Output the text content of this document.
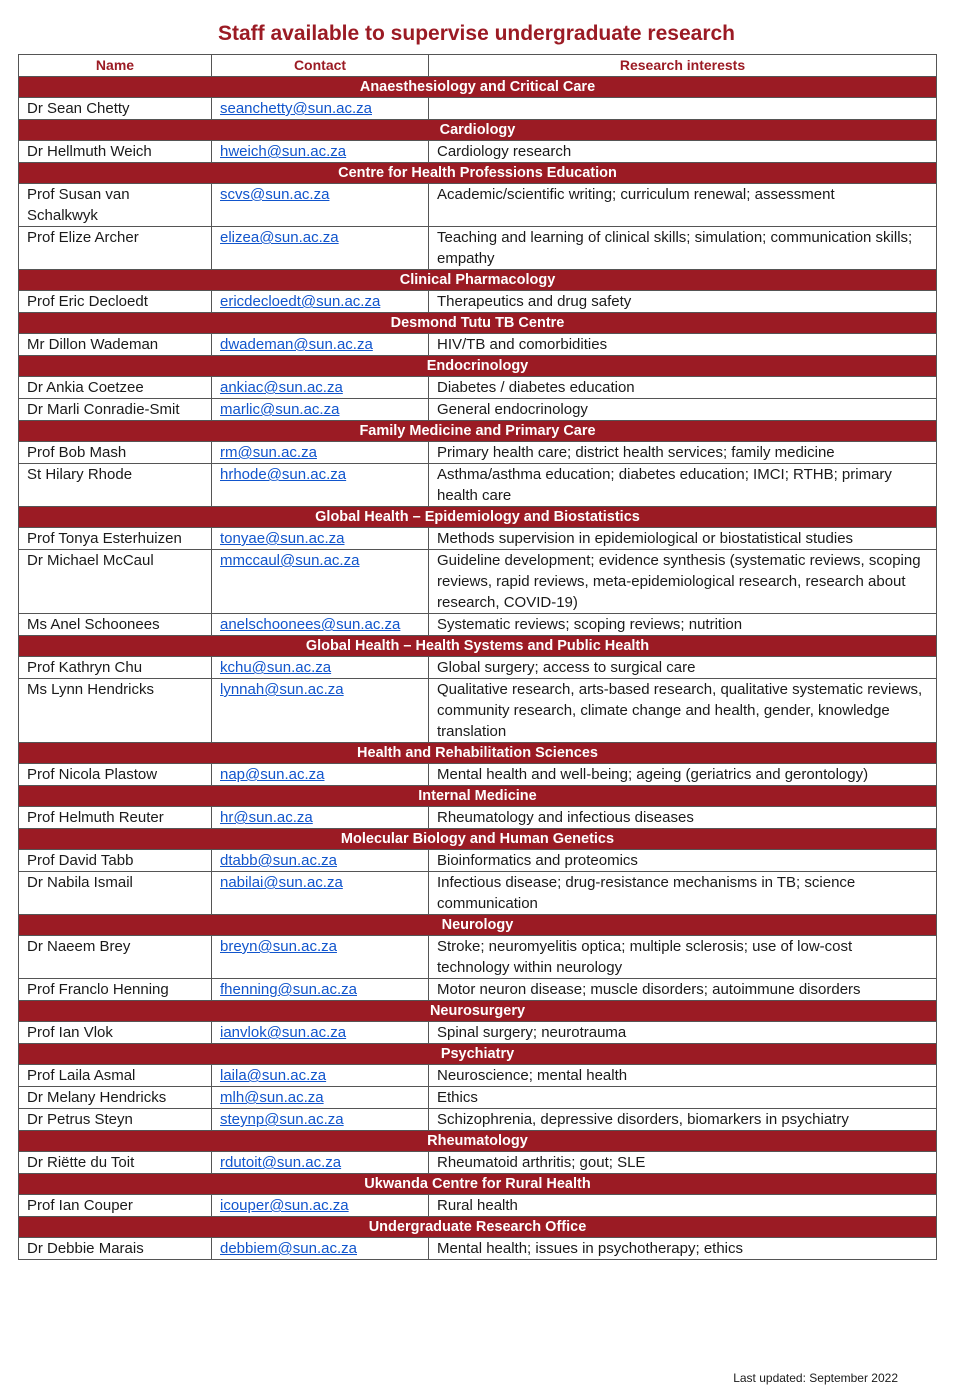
Staff available to supervise undergraduate research
Name	Contact	Research interests
Anaesthesiology and Critical Care		
Dr Sean Chetty	seanchetty@sun.ac.za	
Cardiology		
Dr Hellmuth Weich	hweich@sun.ac.za	Cardiology research
Centre for Health Professions Education		
Prof Susan van Schalkwyk	scvs@sun.ac.za	Academic/scientific writing; curriculum renewal; assessment
Prof Elize Archer	elizea@sun.ac.za	Teaching and learning of clinical skills; simulation; communication skills; empathy
Clinical Pharmacology		
Prof Eric Decloedt	ericdecloedt@sun.ac.za	Therapeutics and drug safety
Desmond Tutu TB Centre		
Mr Dillon Wademan	dwademan@sun.ac.za	HIV/TB and comorbidities
Endocrinology		
Dr Ankia Coetzee	ankiac@sun.ac.za	Diabetes / diabetes education
Dr Marli Conradie-Smit	marlic@sun.ac.za	General endocrinology
Family Medicine and Primary Care		
Prof Bob Mash	rm@sun.ac.za	Primary health care; district health services; family medicine
St Hilary Rhode	hrhode@sun.ac.za	Asthma/asthma education; diabetes education; IMCI; RTHB; primary health care
Global Health – Epidemiology and Biostatistics		
Prof Tonya Esterhuizen	tonyae@sun.ac.za	Methods supervision in epidemiological or biostatistical studies
Dr Michael McCaul	mmccaul@sun.ac.za	Guideline development; evidence synthesis (systematic reviews, scoping reviews, rapid reviews, meta-epidemiological research, research about research, COVID-19)
Ms Anel Schoonees	anelschoonees@sun.ac.za	Systematic reviews; scoping reviews; nutrition
Global Health – Health Systems and Public Health		
Prof Kathryn Chu	kchu@sun.ac.za	Global surgery; access to surgical care
Ms Lynn Hendricks	lynnah@sun.ac.za	Qualitative research, arts-based research, qualitative systematic reviews, community research, climate change and health, gender, knowledge translation
Health and Rehabilitation Sciences		
Prof Nicola Plastow	nap@sun.ac.za	Mental health and well-being; ageing (geriatrics and gerontology)
Internal Medicine		
Prof Helmuth Reuter	hr@sun.ac.za	Rheumatology and infectious diseases
Molecular Biology and Human Genetics		
Prof David Tabb	dtabb@sun.ac.za	Bioinformatics and proteomics
Dr Nabila Ismail	nabilai@sun.ac.za	Infectious disease; drug-resistance mechanisms in TB; science communication
Neurology		
Dr Naeem Brey	breyn@sun.ac.za	Stroke; neuromyelitis optica; multiple sclerosis; use of low-cost technology within neurology
Prof Franclo Henning	fhenning@sun.ac.za	Motor neuron disease; muscle disorders; autoimmune disorders
Neurosurgery		
Prof Ian Vlok	ianvlok@sun.ac.za	Spinal surgery; neurotrauma
Psychiatry		
Prof Laila Asmal	laila@sun.ac.za	Neuroscience; mental health
Dr Melany Hendricks	mlh@sun.ac.za	Ethics
Dr Petrus Steyn	steynp@sun.ac.za	Schizophrenia, depressive disorders, biomarkers in psychiatry
Rheumatology		
Dr Riëtte du Toit	rdutoit@sun.ac.za	Rheumatoid arthritis; gout; SLE
Ukwanda Centre for Rural Health		
Prof Ian Couper	icouper@sun.ac.za	Rural health
Undergraduate Research Office		
Dr Debbie Marais	debbiem@sun.ac.za	Mental health; issues in psychotherapy; ethics
Last updated: September 2022
